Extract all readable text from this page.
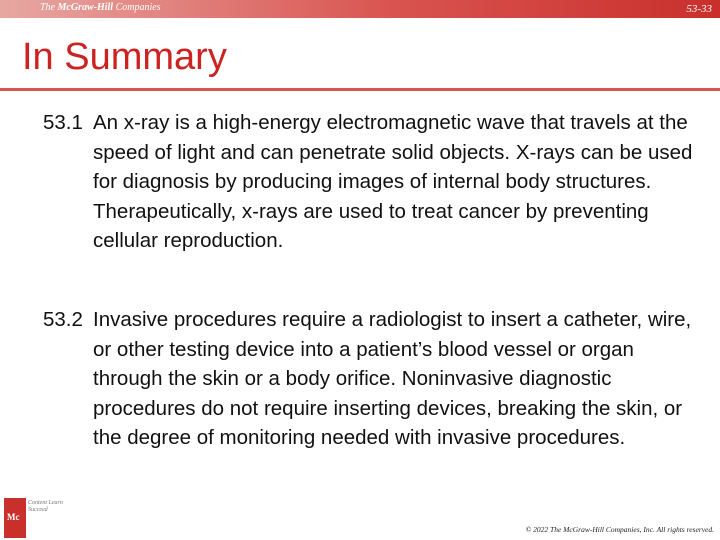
The McGraw-Hill Companies	53-33
In Summary
53.1 An x-ray is a high-energy electromagnetic wave that travels at the speed of light and can penetrate solid objects. X-rays can be used for diagnosis by producing images of internal body structures. Therapeutically, x-rays are used to treat cancer by preventing cellular reproduction.
53.2 Invasive procedures require a radiologist to insert a catheter, wire, or other testing device into a patient’s blood vessel or organ through the skin or a body orifice. Noninvasive diagnostic procedures do not require inserting devices, breaking the skin, or the degree of monitoring needed with invasive procedures.
Mc
Content Learn Succeed
© 2022 The McGraw-Hill Companies, Inc. All rights reserved.
